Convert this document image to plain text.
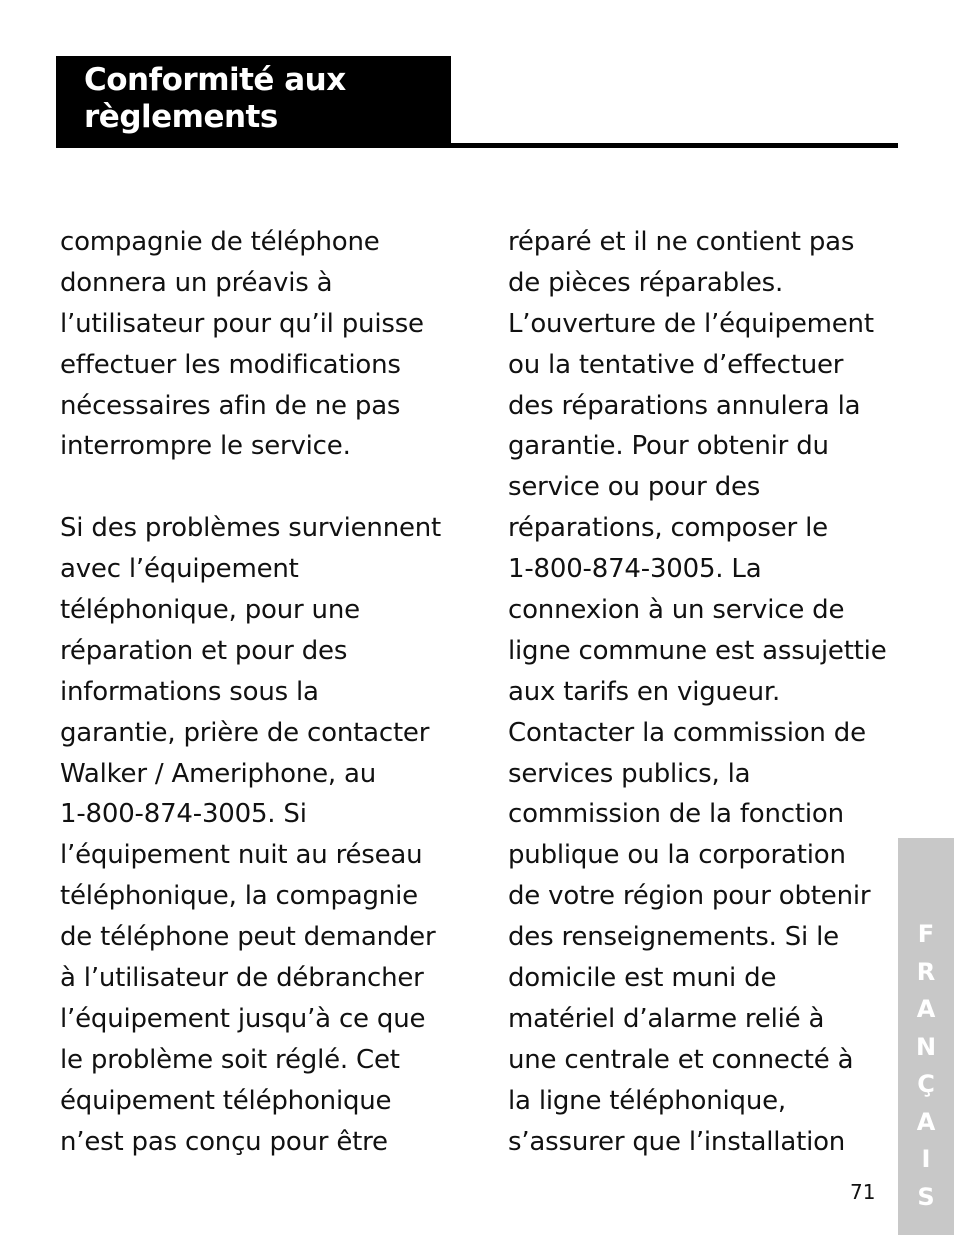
Conformité aux
règlements
compagnie de téléphone
donnera un préavis à
l’utilisateur pour qu’il puisse
effectuer les modifications
nécessaires afin de ne pas
interrompre le service.
Si des problèmes surviennent
avec l’équipement
téléphonique, pour une
réparation et pour des
informations sous la
garantie, prière de contacter
Walker / Ameriphone, au
1-800-874-3005. Si
l’équipement nuit au réseau
téléphonique, la compagnie
de téléphone peut demander
à l’utilisateur de débrancher
l’équipement jusqu’à ce que
le problème soit réglé. Cet
équipement téléphonique
n’est pas conçu pour être
réparé et il ne contient pas
de pièces réparables.
L’ouverture de l’équipement
ou la tentative d’effectuer
des réparations annulera la
garantie. Pour obtenir du
service ou pour des
réparations, composer le
1-800-874-3005. La
connexion à un service de
ligne commune est assujettie
aux tarifs en vigueur.
Contacter la commission de
services publics, la
commission de la fonction
publique ou la corporation
de votre région pour obtenir
des renseignements. Si le
domicile est muni de
matériel d’alarme relié à
une centrale et connecté à
la ligne téléphonique,
s’assurer que l’installation
F
R
A
N
Ç
A
I
S
71
